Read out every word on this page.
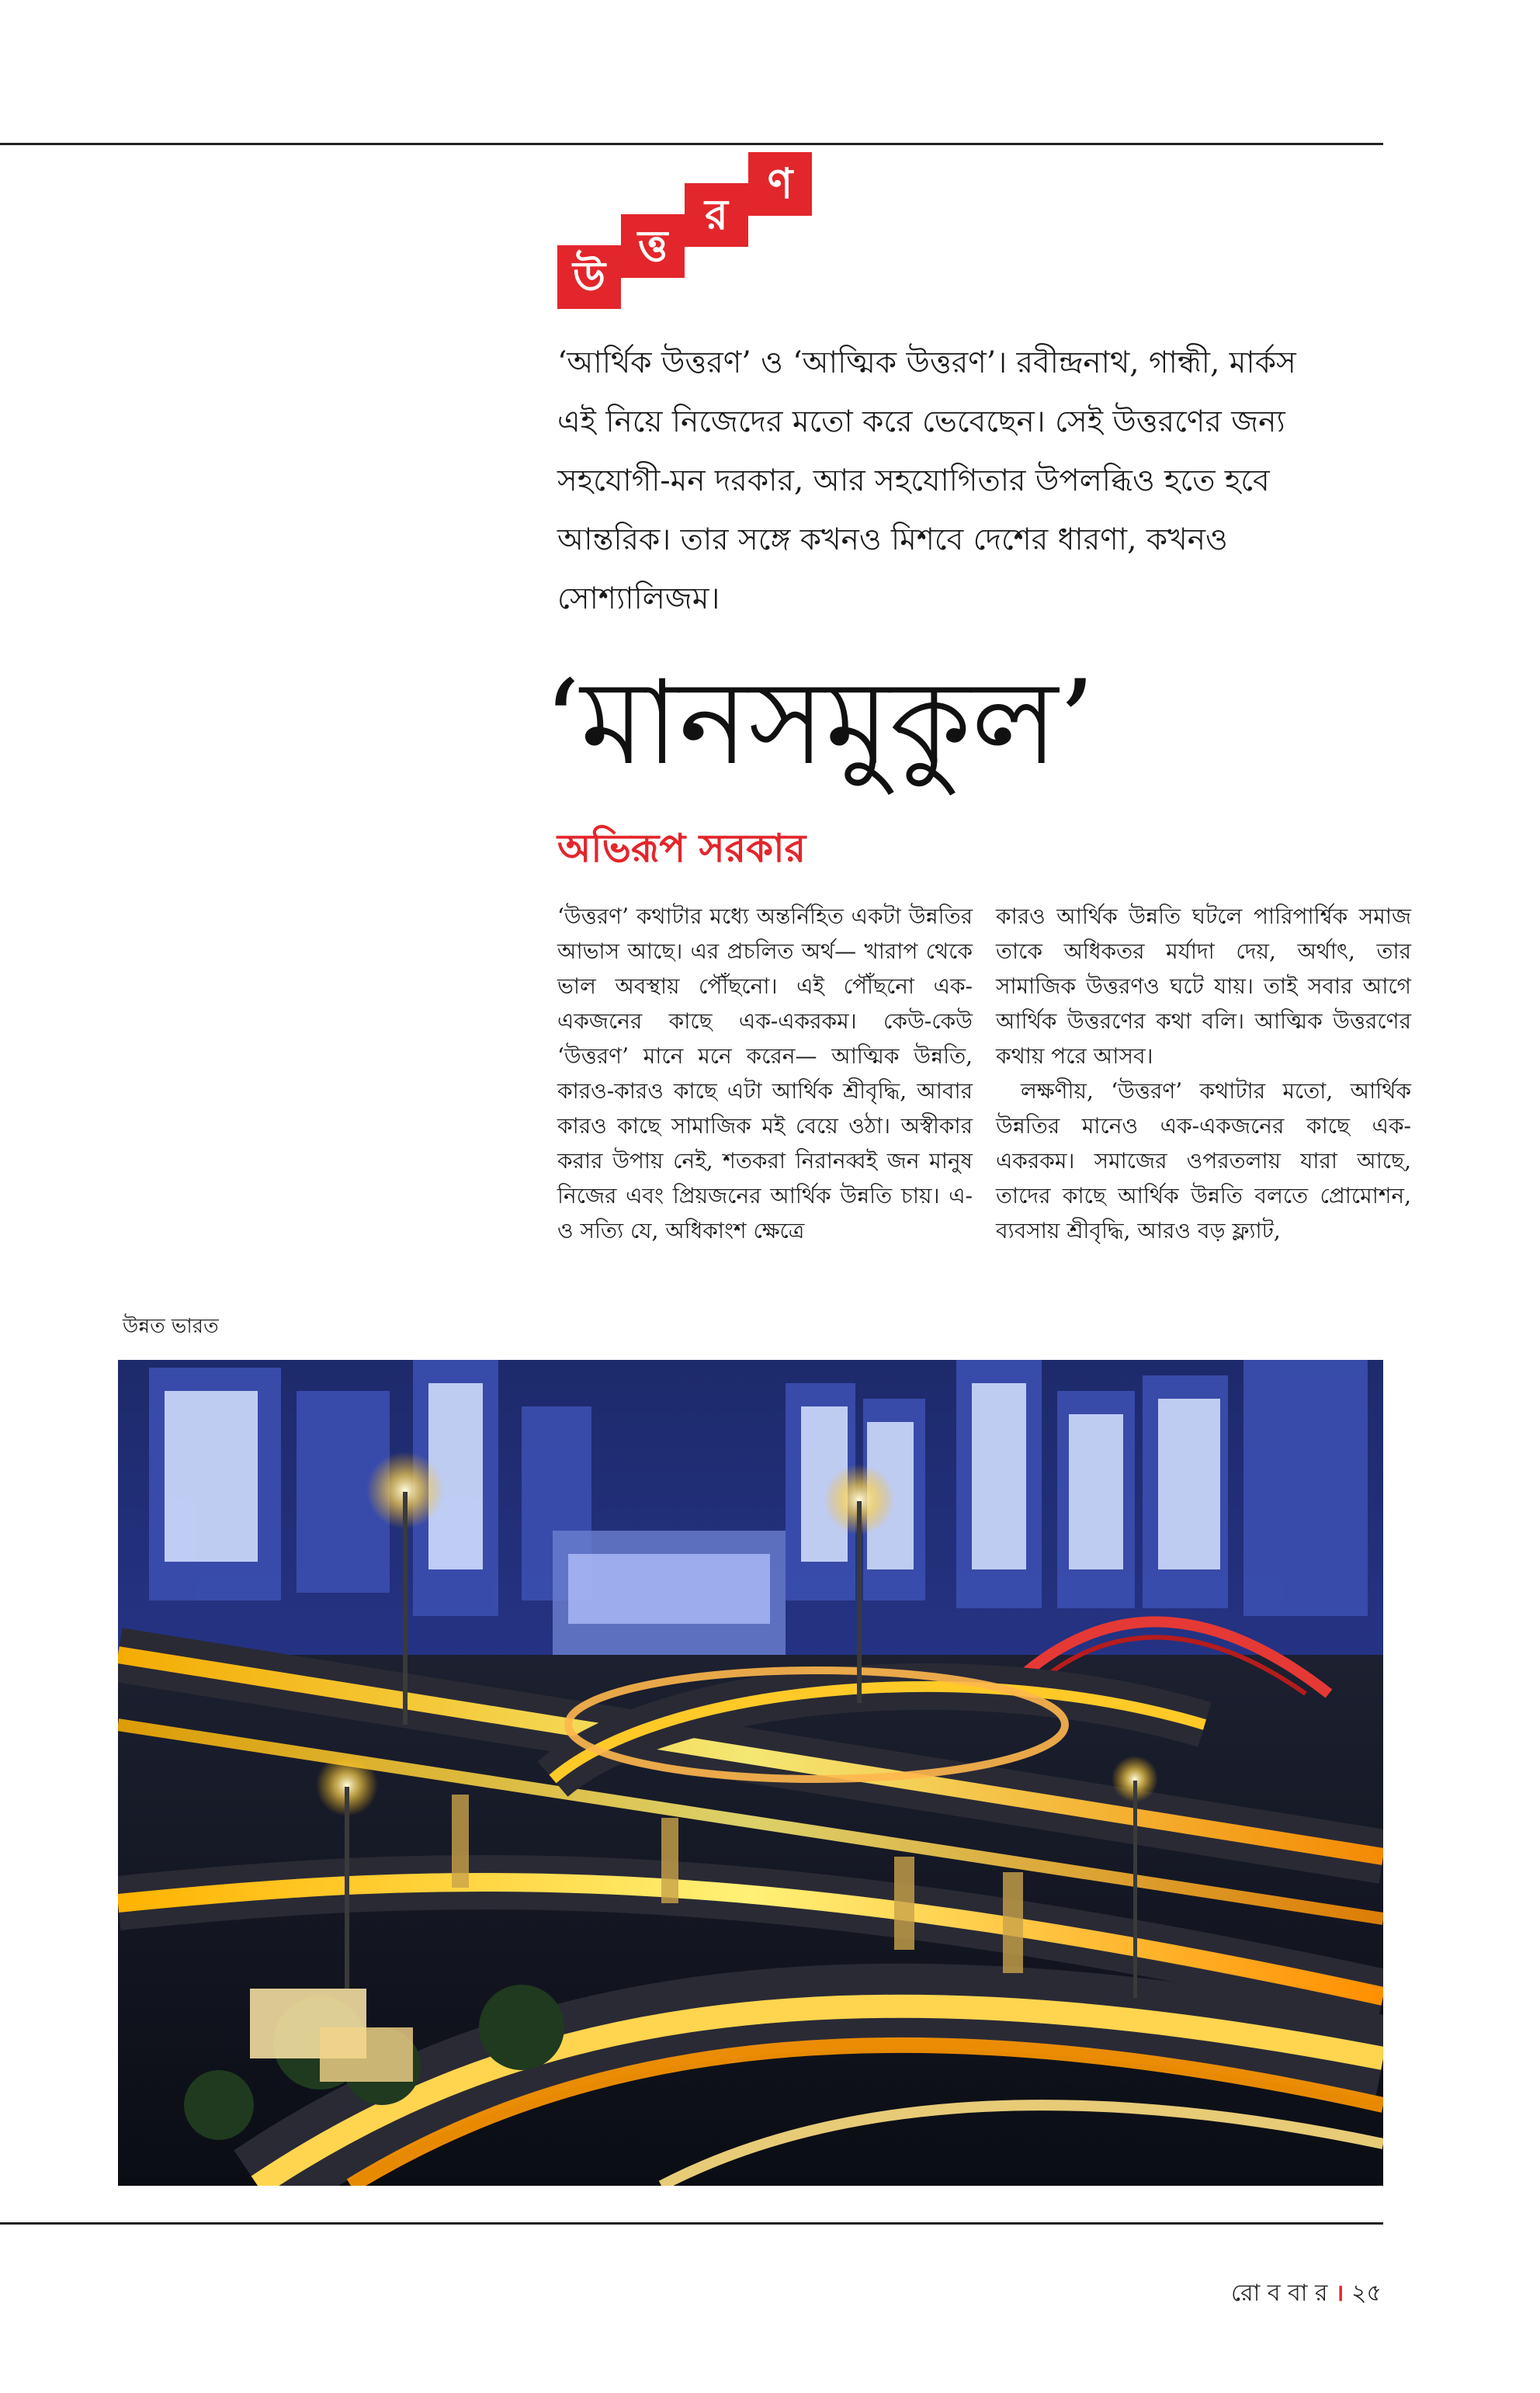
উ
ত্ত
র
ণ
‘আর্থিক উত্তরণ’ ও ‘আত্মিক উত্তরণ’। রবীন্দ্রনাথ, গান্ধী, মার্কস এই নিয়ে নিজেদের মতো করে ভেবেছেন। সেই উত্তরণের জন্য সহযোগী-মন দরকার, আর সহযোগিতার উপলব্ধিও হতে হবে আন্তরিক। তার সঙ্গে কখনও মিশবে দেশের ধারণা, কখনও সোশ্যালিজম।
‘মানসমুকুল’
অভিরূপ সরকার

‘উত্তরণ’ কথাটার মধ্যে অন্তর্নিহিত একটা উন্নতির আভাস আছে। এর প্রচলিত অর্থ— খারাপ থেকে ভাল অবস্থায় পৌঁছনো। এই পৌঁছনো এক-একজনের কাছে এক-একরকম। কেউ-কেউ ‘উত্তরণ’ মানে মনে করেন— আত্মিক উন্নতি, কারও-কারও কাছে এটা আর্থিক শ্রীবৃদ্ধি, আবার কারও কাছে সামাজিক মই বেয়ে ওঠা। অস্বীকার করার উপায় নেই, শতকরা নিরানব্বই জন মানুষ নিজের এবং প্রিয়জনের আর্থিক উন্নতি চায়। এ-ও সত্যি যে, অধিকাংশ ক্ষেত্রে

কারও আর্থিক উন্নতি ঘটলে পারিপার্শ্বিক সমাজ তাকে অধিকতর মর্যাদা দেয়, অর্থাৎ, তার সামাজিক উত্তরণও ঘটে যায়। তাই সবার আগে আর্থিক উত্তরণের কথা বলি। আত্মিক উত্তরণের কথায় পরে আসব।

লক্ষণীয়, ‘উত্তরণ’ কথাটার মতো, আর্থিক উন্নতির মানেও এক-একজনের কাছে এক-একরকম। সমাজের ওপরতলায় যারা আছে, তাদের কাছে আর্থিক উন্নতি বলতে প্রোমোশন, ব্যবসায় শ্রীবৃদ্ধি, আরও বড় ফ্ল্যাট,

উন্নত ভারত
রো ব বা র । ২৫
